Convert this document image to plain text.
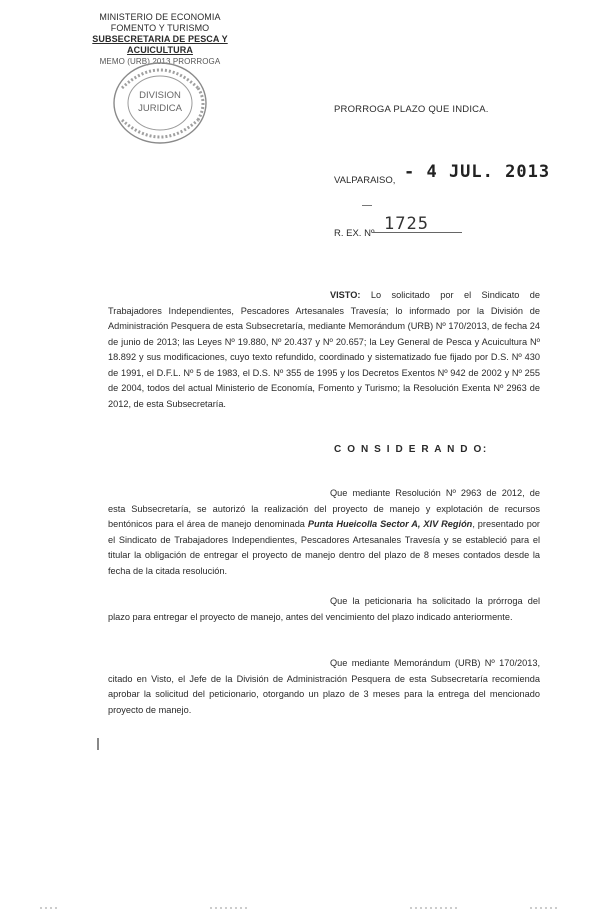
MINISTERIO DE ECONOMIA
FOMENTO Y TURISMO
SUBSECRETARIA DE PESCA Y ACUICULTURA
MEMO (URB) 2013 PRORROGA
DIVISION
JURIDICA	PRORROGA PLAZO QUE INDICA.
VALPARAISO, - 4 JUL. 2013
R. EX. Nº 1725

VISTO: Lo solicitado por el Sindicato de Trabajadores Independientes, Pescadores Artesanales Travesía; lo informado por la División de Administración Pesquera de esta Subsecretaría, mediante Memorándum (URB) Nº 170/2013, de fecha 24 de junio de 2013; las Leyes Nº 19.880, Nº 20.437 y Nº 20.657; la Ley General de Pesca y Acuicultura Nº 18.892 y sus modificaciones, cuyo texto refundido, coordinado y sistematizado fue fijado por D.S. Nº 430 de 1991, el D.F.L. Nº 5 de 1983, el D.S. Nº 355 de 1995 y los Decretos Exentos Nº 942 de 2002 y Nº 255 de 2004, todos del actual Ministerio de Economía, Fomento y Turismo; la Resolución Exenta Nº 2963 de 2012, de esta Subsecretaría.

C O N S I D E R A N D O:

Que mediante Resolución Nº 2963 de 2012, de esta Subsecretaría, se autorizó la realización del proyecto de manejo y explotación de recursos bentónicos para el área de manejo denominada Punta Hueicolla Sector A, XIV Región, presentado por el Sindicato de Trabajadores Independientes, Pescadores Artesanales Travesía y se estableció para el titular la obligación de entregar el proyecto de manejo dentro del plazo de 8 meses contados desde la fecha de la citada resolución.

Que la peticionaria ha solicitado la prórroga del plazo para entregar el proyecto de manejo, antes del vencimiento del plazo indicado anteriormente.

Que mediante Memorándum (URB) Nº 170/2013, citado en Visto, el Jefe de la División de Administración Pesquera de esta Subsecretaría recomienda aprobar la solicitud del peticionario, otorgando un plazo de 3 meses para la entrega del mencionado proyecto de manejo.
